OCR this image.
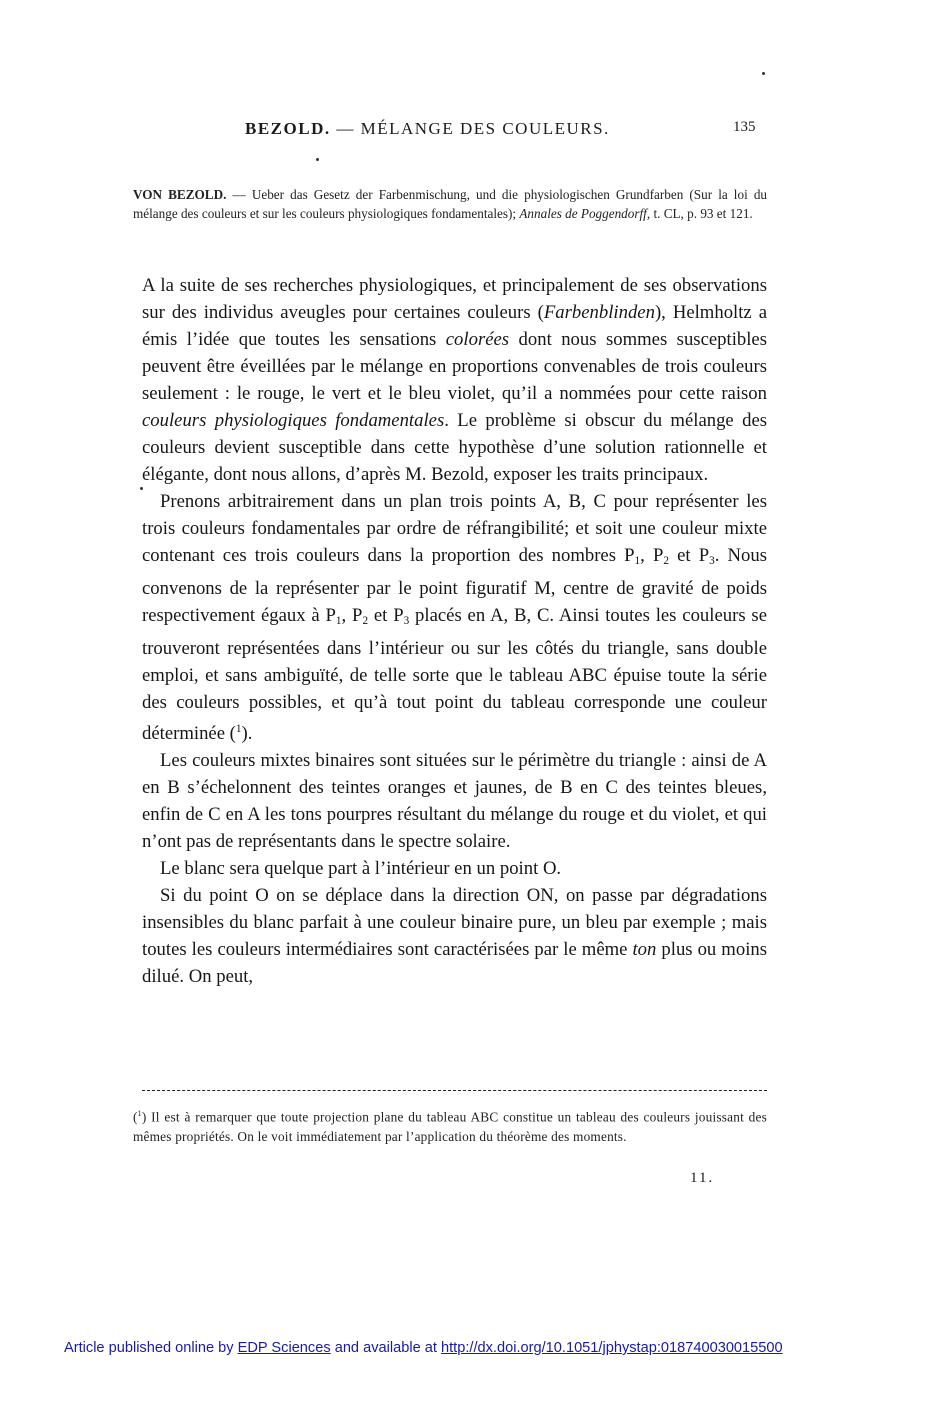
BEZOLD. — MÉLANGE DES COULEURS.	135
VON BEZOLD. — Ueber das Gesetz der Farbenmischung, und die physiologischen Grundfarben (Sur la loi du mélange des couleurs et sur les couleurs physiologiques fondamentales); Annales de Poggendorff, t. CL, p. 93 et 121.

A la suite de ses recherches physiologiques, et principalement de ses observations sur des individus aveugles pour certaines couleurs (Farbenblinden), Helmholtz a émis l’idée que toutes les sensations colorées dont nous sommes susceptibles peuvent être éveillées par le mélange en proportions convenables de trois couleurs seulement : le rouge, le vert et le bleu violet, qu’il a nommées pour cette raison couleurs physiologiques fondamentales. Le problème si obscur du mélange des couleurs devient susceptible dans cette hypothèse d’une solution rationnelle et élégante, dont nous allons, d’après M. Bezold, exposer les traits principaux.

Prenons arbitrairement dans un plan trois points A, B, C pour représenter les trois couleurs fondamentales par ordre de réfrangibilité; et soit une couleur mixte contenant ces trois couleurs dans la proportion des nombres $P_1$, $P_2$ et $P_3$. Nous convenons de la représenter par le point figuratif M, centre de gravité de poids respectivement égaux à $P_1$, $P_2$ et $P_3$ placés en A, B, C. Ainsi toutes les couleurs se trouveront représentées dans l’intérieur ou sur les côtés du triangle, sans double emploi, et sans ambiguïté, de telle sorte que le tableau ABC épuise toute la série des couleurs possibles, et qu’à tout point du tableau corresponde une couleur déterminée ($^1$).

Les couleurs mixtes binaires sont situées sur le périmètre du triangle : ainsi de A en B s’échelonnent des teintes oranges et jaunes, de B en C des teintes bleues, enfin de C en A les tons pourpres résultant du mélange du rouge et du violet, et qui n’ont pas de représentants dans le spectre solaire.

Le blanc sera quelque part à l’intérieur en un point O.

Si du point O on se déplace dans la direction ON, on passe par dégradations insensibles du blanc parfait à une couleur binaire pure, un bleu par exemple ; mais toutes les couleurs intermédiaires sont caractérisées par le même ton plus ou moins dilué. On peut,

($^1$) Il est à remarquer que toute projection plane du tableau ABC constitue un tableau des couleurs jouissant des mêmes propriétés. On le voit immédiatement par l’application du théorème des moments.
11.
Article published online by EDP Sciences and available at http://dx.doi.org/10.1051/jphystap:018740030015500
